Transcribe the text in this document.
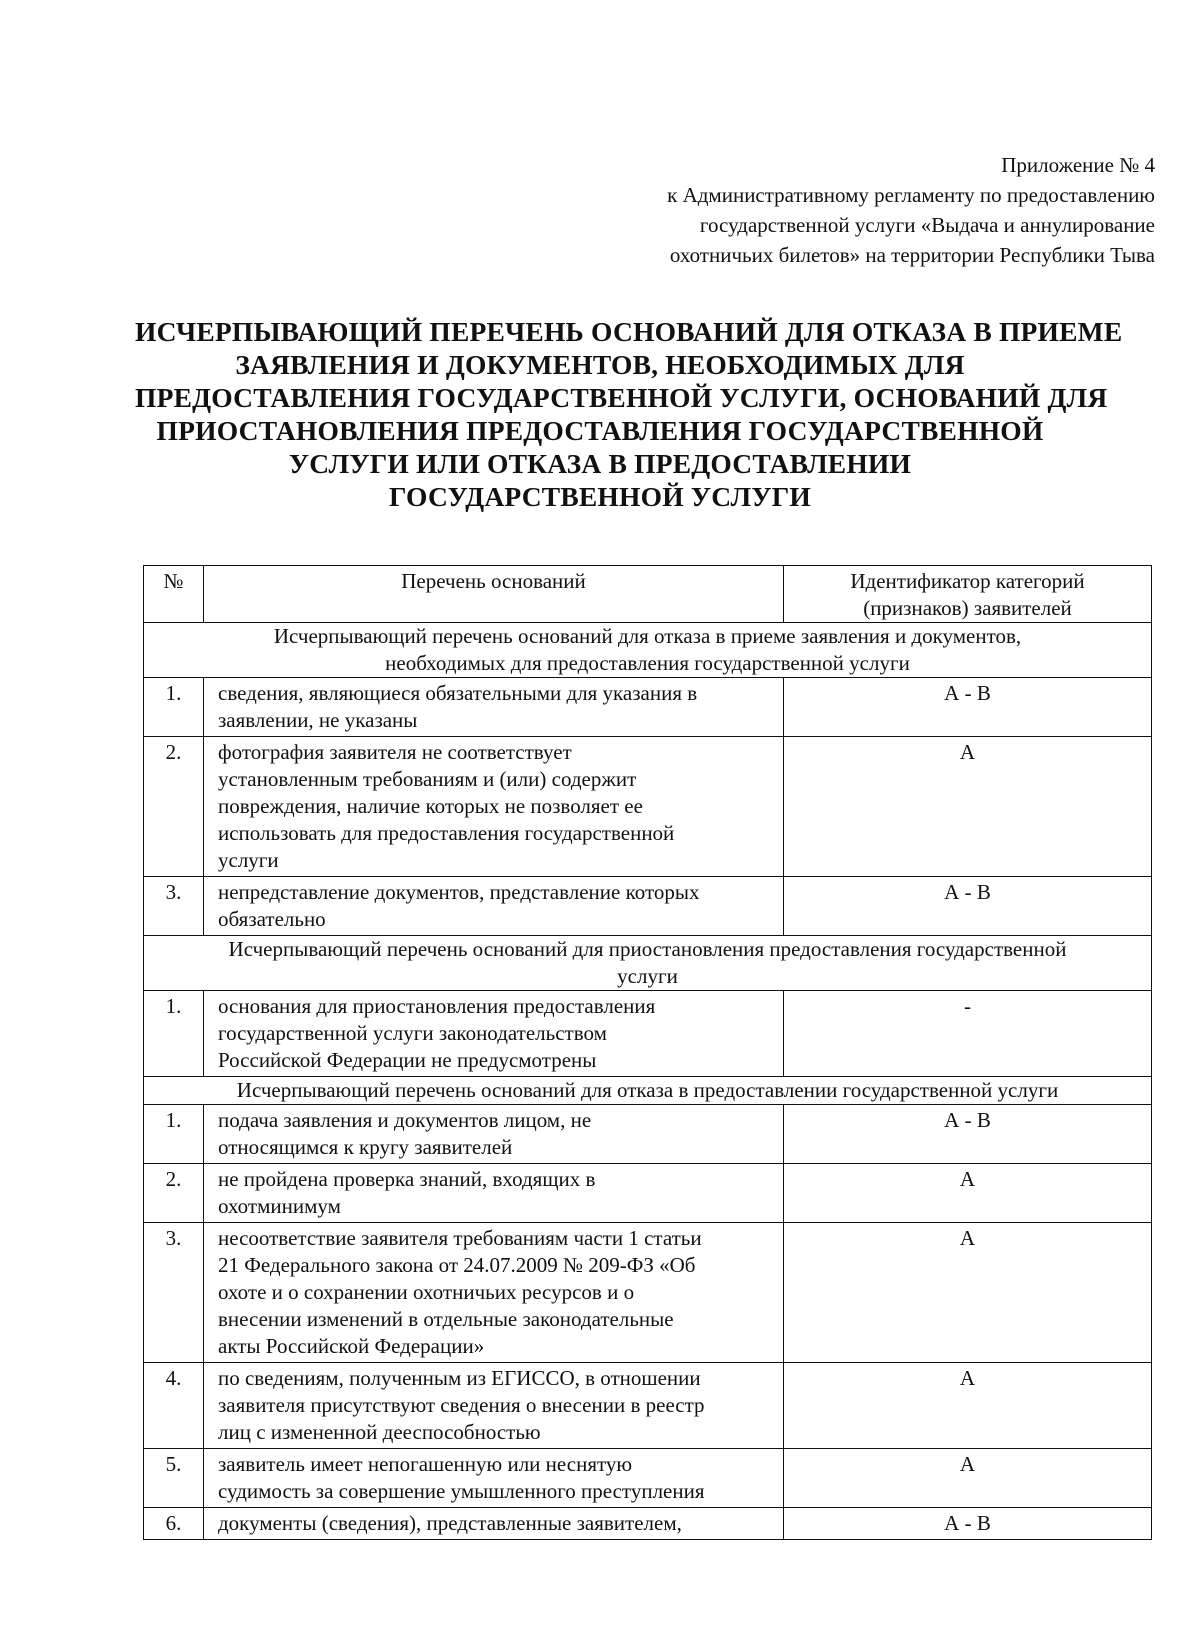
Приложение № 4
к Административному регламенту по предоставлению
государственной услуги «Выдача и аннулирование
охотничьих билетов» на территории Республики Тыва
ИСЧЕРПЫВАЮЩИЙ ПЕРЕЧЕНЬ ОСНОВАНИЙ ДЛЯ ОТКАЗА В ПРИЕМЕ
ЗАЯВЛЕНИЯ И ДОКУМЕНТОВ, НЕОБХОДИМЫХ ДЛЯ
ПРЕДОСТАВЛЕНИЯ ГОСУДАРСТВЕННОЙ УСЛУГИ, ОСНОВАНИЙ ДЛЯ
ПРИОСТАНОВЛЕНИЯ ПРЕДОСТАВЛЕНИЯ ГОСУДАРСТВЕННОЙ
УСЛУГИ ИЛИ ОТКАЗА В ПРЕДОСТАВЛЕНИИ
ГОСУДАРСТВЕННОЙ УСЛУГИ
№	Перечень оснований	Идентификатор категорий
(признаков) заявителей

Исчерпывающий перечень оснований для отказа в приеме заявления и документов,
необходимых для предоставления государственной услуги		

1.	сведения, являющиеся обязательными для указания в
заявлении, не указаны	А - В
2.	фотография заявителя не соответствует
установленным требованиям и (или) содержит
повреждения, наличие которых не позволяет ее
использовать для предоставления государственной
услуги	А
3.	непредставление документов, представление которых
обязательно	А - В

Исчерпывающий перечень оснований для приостановления предоставления государственной
услуги		

1.	основания для приостановления предоставления
государственной услуги законодательством
Российской Федерации не предусмотрены	-

Исчерпывающий перечень оснований для отказа в предоставлении государственной услуги		

1.	подача заявления и документов лицом, не
относящимся к кругу заявителей	А - В
2.	не пройдена проверка знаний, входящих в
охотминимум	А
3.	несоответствие заявителя требованиям части 1 статьи
21 Федерального закона от 24.07.2009 № 209-ФЗ «Об
охоте и о сохранении охотничьих ресурсов и о
внесении изменений в отдельные законодательные
акты Российской Федерации»	А
4.	по сведениям, полученным из ЕГИССО, в отношении
заявителя присутствуют сведения о внесении в реестр
лиц с измененной дееспособностью	А
5.	заявитель имеет непогашенную или неснятую
судимость за совершение умышленного преступления	А
6.	документы (сведения), представленные заявителем,	А - В
